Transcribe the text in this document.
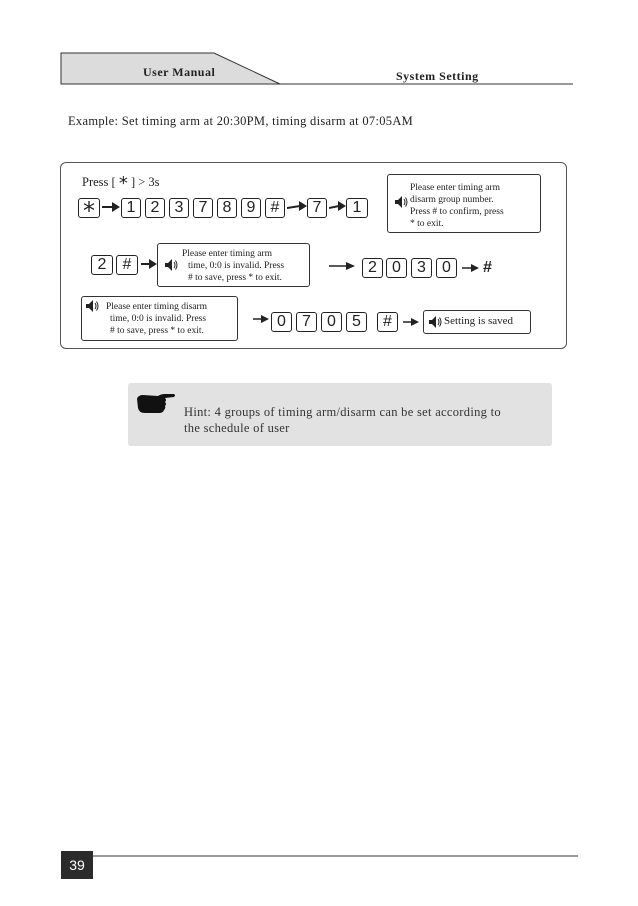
User Manual	System Setting
Example: Set timing arm at 20:30PM, timing disarm at 07:05AM
Press [ * ] > 3s
*	1 2 3 7 8 9 #	7	1
Please enter timing arm
disarm group number.
Press # to confirm, press
* to exit.
2	#
Please enter timing arm
time, 0:0 is invalid. Press
# to save, press * to exit.
2 0	3	0	#
Please enter timing disarm
time, 0:0 is invalid. Press
# to save, press * to exit.
0	7	0	5	#	Setting is saved
Hint: 4 groups of timing arm/disarm can be set according to
the schedule of user
39
